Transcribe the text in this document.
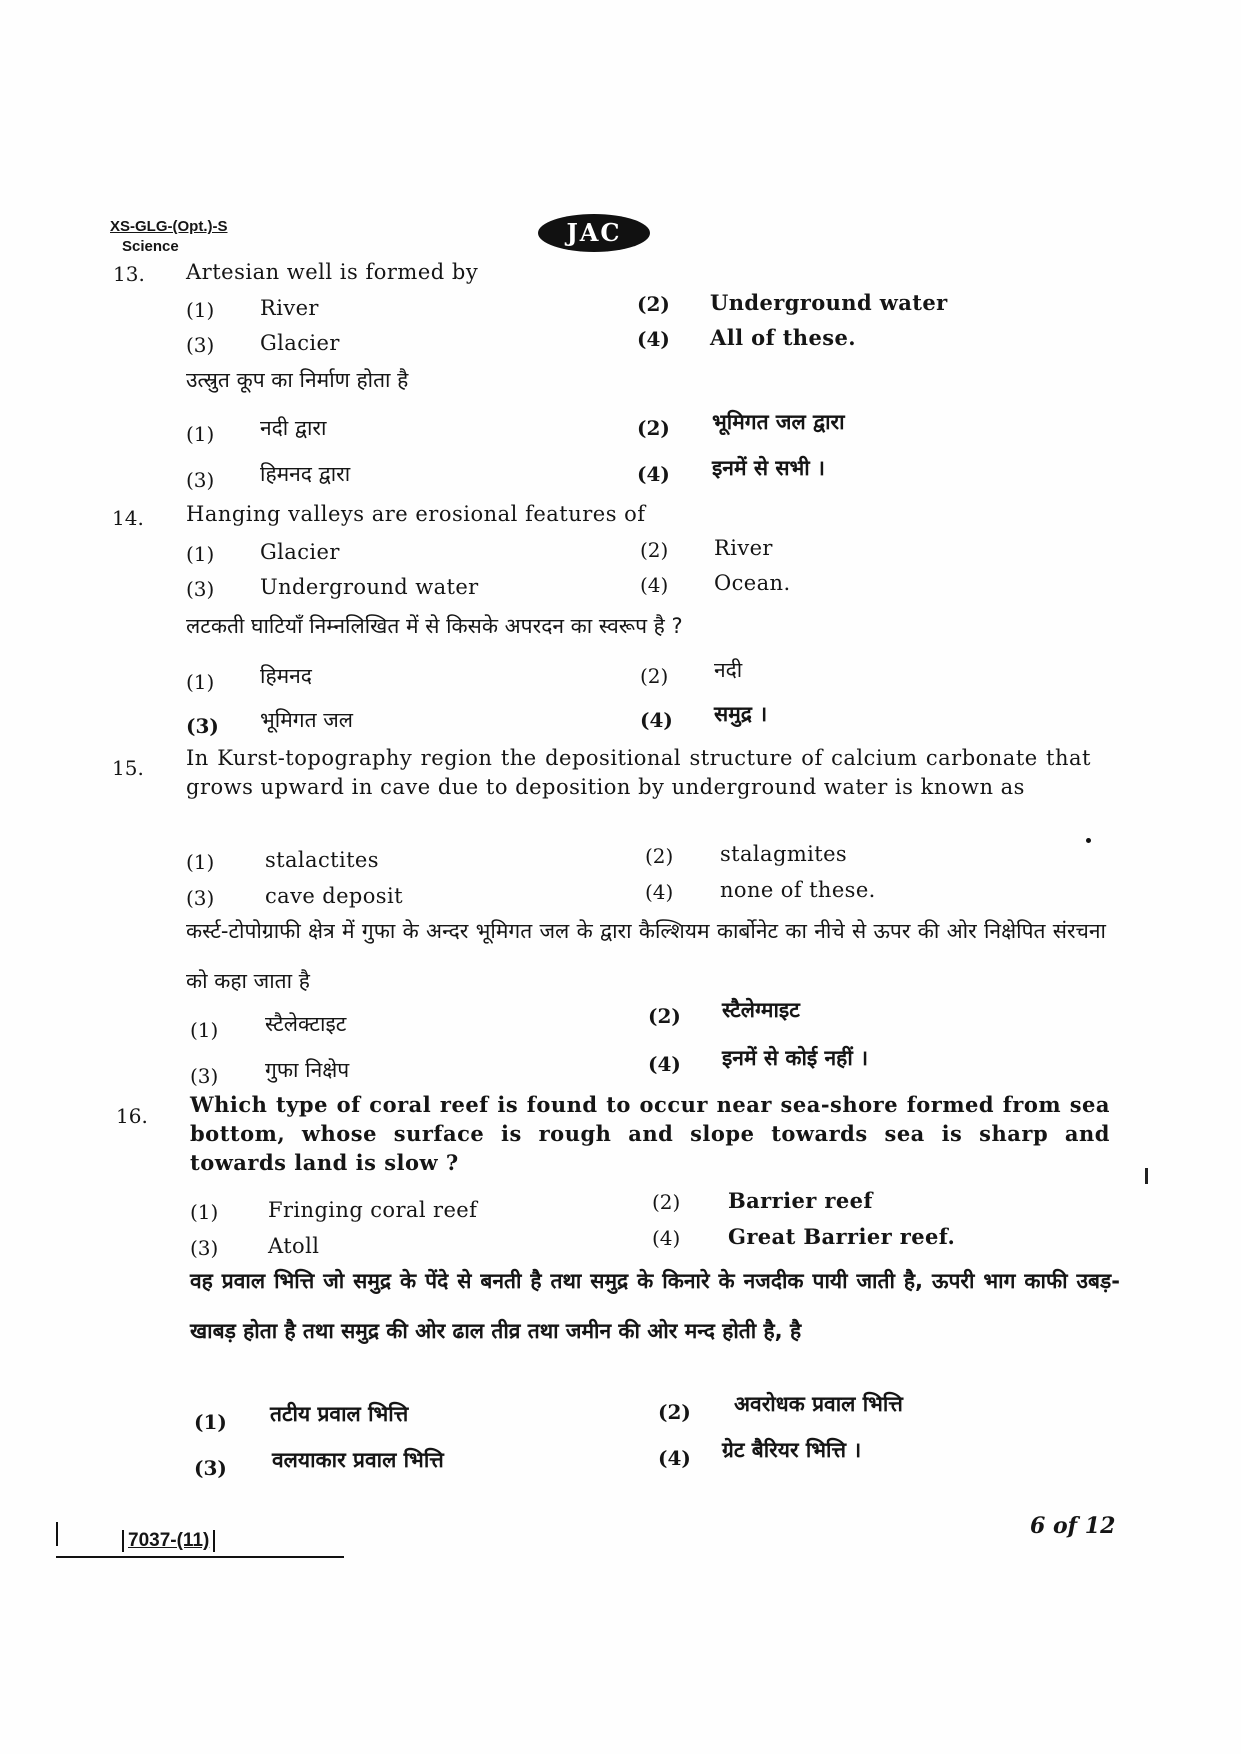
XS-GLG-(Opt.)-S
Science	JAC
13. Artesian well is formed by
(1) River	(2) Underground water
(3) Glacier	(4) All of these.
उत्स्रुत कूप का निर्माण होता है
(1) नदी द्वारा	(2) भूमिगत जल द्वारा
(3) हिमनद द्वारा	(4) इनमें से सभी ।
14. Hanging valleys are erosional features of
(1) Glacier	(2) River
(3) Underground water	(4) Ocean.
लटकती घाटियाँ निम्नलिखित में से किसके अपरदन का स्वरूप है ?
(1) हिमनद	(2) नदी
(3) भूमिगत जल	(4) समुद्र ।
15. In Kurst-topography region the depositional structure of calcium carbonate that grows upward in cave due to deposition by underground water is known as
(1) stalactites	(2) stalagmites
(3) cave deposit	(4) none of these.
कर्स्ट-टोपोग्राफी क्षेत्र में गुफा के अन्दर भूमिगत जल के द्वारा कैल्शियम कार्बोनेट का नीचे से ऊपर की ओर निक्षेपित संरचना को कहा जाता है
(1) स्टैलेक्टाइट	(2) स्टैलेग्माइट
(3) गुफा निक्षेप	(4) इनमें से कोई नहीं ।
16. Which type of coral reef is found to occur near sea-shore formed from sea bottom, whose surface is rough and slope towards sea is sharp and towards land is slow ?
(1) Fringing coral reef	(2) Barrier reef
(3) Atoll	(4) Great Barrier reef.
वह प्रवाल भित्ति जो समुद्र के पेंदे से बनती है तथा समुद्र के किनारे के नजदीक पायी जाती है, ऊपरी भाग काफी उबड़-खाबड़ होता है तथा समुद्र की ओर ढाल तीव्र तथा जमीन की ओर मन्द होती है, है
(1) तटीय प्रवाल भित्ति	(2) अवरोधक प्रवाल भित्ति
(3) वलयाकार प्रवाल भित्ति	(4) ग्रेट बैरियर भित्ति ।
7037-(11)
6 of 12
